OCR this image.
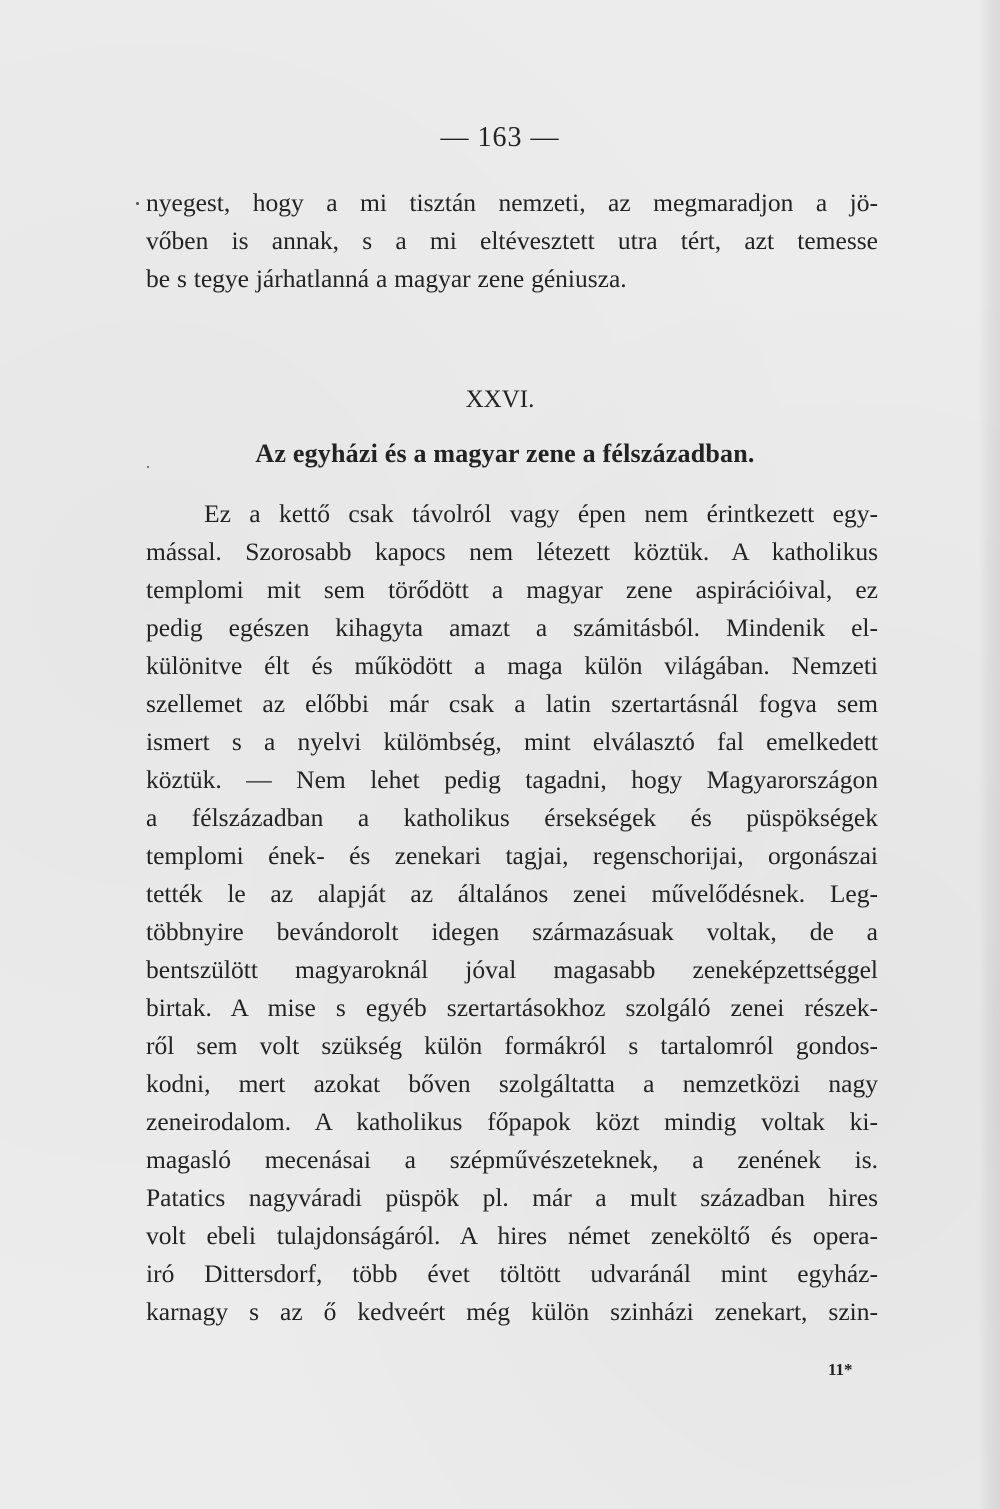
— 163 —
nyegest, hogy a mi tisztán nemzeti, az megmaradjon a jö-
vőben is annak, s a mi eltévesztett utra tért, azt temesse
be s tegye járhatlanná a magyar zene géniusza.
XXVI.
Az egyházi és a magyar zene a félszázadban.
Ez a kettő csak távolról vagy épen nem érintkezett egy-
mással. Szorosabb kapocs nem létezett köztük. A katholikus
templomi mit sem törődött a magyar zene aspirációival, ez
pedig egészen kihagyta amazt a számitásból. Mindenik el-
különitve élt és működött a maga külön világában. Nemzeti
szellemet az előbbi már csak a latin szertartásnál fogva sem
ismert s a nyelvi külömbség, mint elválasztó fal emelkedett
köztük. — Nem lehet pedig tagadni, hogy Magyarországon
a félszázadban a katholikus érsekségek és püspökségek
templomi ének- és zenekari tagjai, regenschorijai, orgonászai
tették le az alapját az általános zenei művelődésnek. Leg-
többnyire bevándorolt idegen származásuak voltak, de a
bentszülött magyaroknál jóval magasabb zeneképzettséggel
birtak. A mise s egyéb szertartásokhoz szolgáló zenei részek-
ről sem volt szükség külön formákról s tartalomról gondos-
kodni, mert azokat bőven szolgáltatta a nemzetközi nagy
zeneirodalom. A katholikus főpapok közt mindig voltak ki-
magasló mecenásai a szépművészeteknek, a zenének is.
Patatics nagyváradi püspök pl. már a mult században hires
volt ebeli tulajdonságáról. A hires német zeneköltő és opera-
iró Dittersdorf, több évet töltött udvaránál mint egyház-
karnagy s az ő kedveért még külön szinházi zenekart, szin-
11*
